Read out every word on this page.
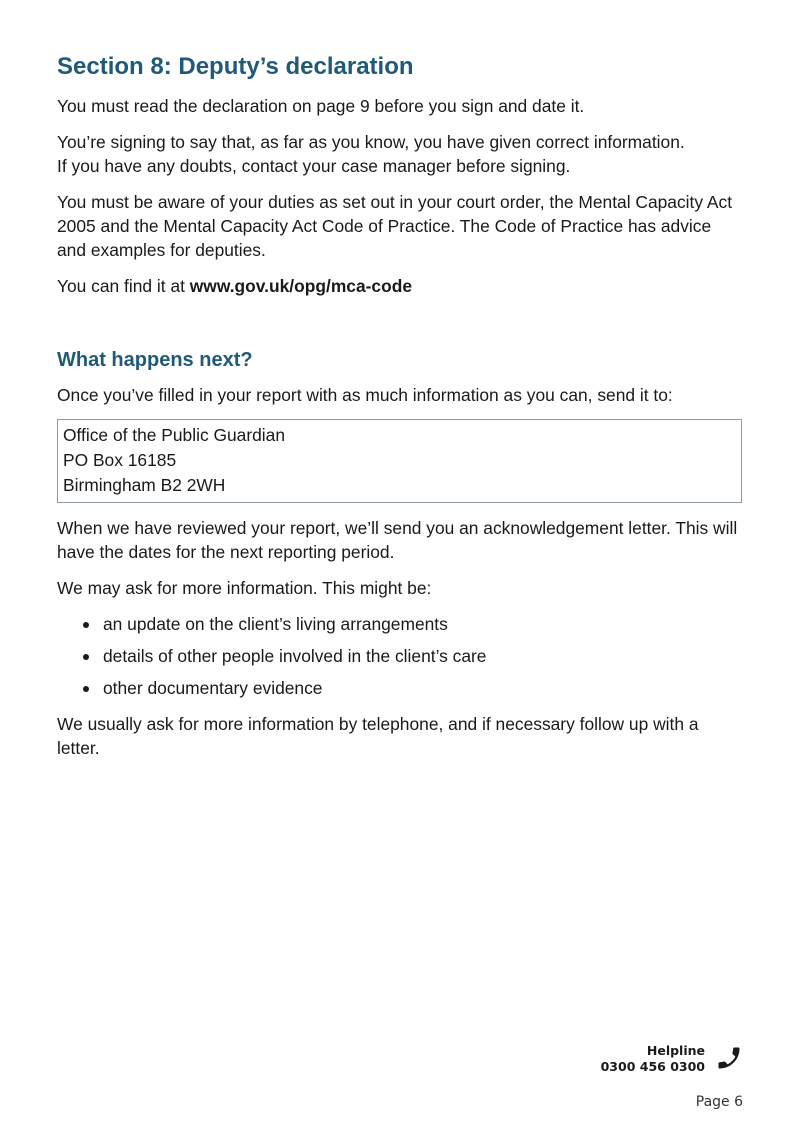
Section 8: Deputy’s declaration

You must read the declaration on page 9 before you sign and date it.

You’re signing to say that, as far as you know, you have given correct information.
If you have any doubts, contact your case manager before signing.

You must be aware of your duties as set out in your court order, the Mental Capacity Act 2005 and the Mental Capacity Act Code of Practice. The Code of Practice has advice and examples for deputies.

You can find it at www.gov.uk/opg/mca-code

What happens next?

Once you’ve filled in your report with as much information as you can, send it to:

Office of the Public Guardian
PO Box 16185
Birmingham B2 2WH

When we have reviewed your report, we’ll send you an acknowledgement letter. This will have the dates for the next reporting period.

We may ask for more information. This might be:

an update on the client’s living arrangements
details of other people involved in the client’s care
other documentary evidence

We usually ask for more information by telephone, and if necessary follow up with a letter.

Helpline
0300 456 0300
Page 6
